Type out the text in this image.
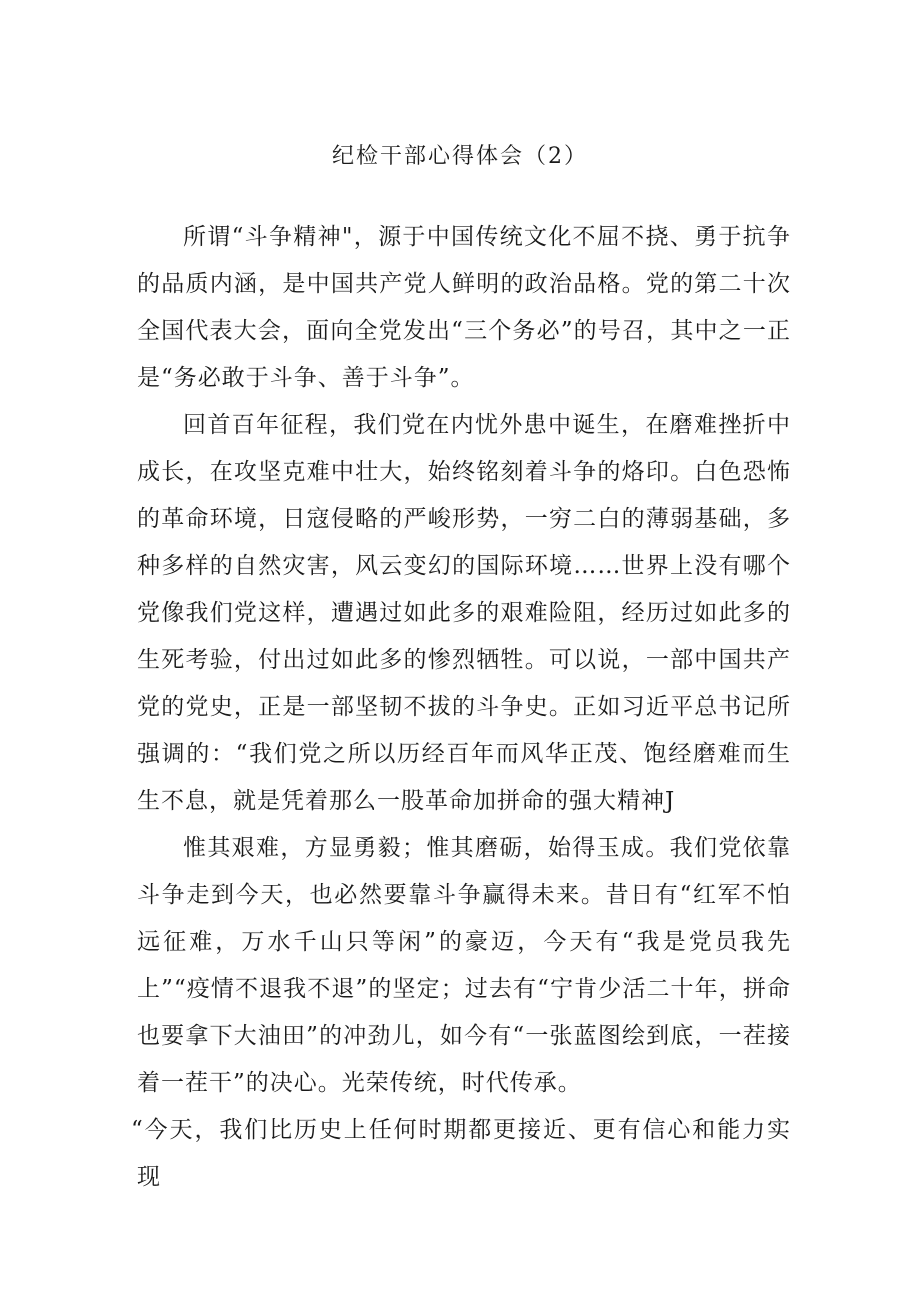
纪检干部心得体会（2）

所谓“斗争精神"，源于中国传统文化不屈不挠、勇于抗争的品质内涵，是中国共产党人鲜明的政治品格。党的第二十次全国代表大会，面向全党发出“三个务必”的号召，其中之一正是“务必敢于斗争、善于斗争”。

回首百年征程，我们党在内忧外患中诞生，在磨难挫折中成长，在攻坚克难中壮大，始终铭刻着斗争的烙印。白色恐怖的革命环境，日寇侵略的严峻形势，一穷二白的薄弱基础，多种多样的自然灾害，风云变幻的国际环境……世界上没有哪个党像我们党这样，遭遇过如此多的艰难险阻，经历过如此多的生死考验，付出过如此多的惨烈牺牲。可以说，一部中国共产党的党史，正是一部坚韧不拔的斗争史。正如习近平总书记所强调的：“我们党之所以历经百年而风华正茂、饱经磨难而生生不息，就是凭着那么一股革命加拼命的强大精神J

惟其艰难，方显勇毅；惟其磨砺，始得玉成。我们党依靠斗争走到今天，也必然要靠斗争赢得未来。昔日有“红军不怕远征难，万水千山只等闲”的豪迈，今天有“我是党员我先上”“疫情不退我不退”的坚定；过去有“宁肯少活二十年，拼命也要拿下大油田”的冲劲儿，如今有“一张蓝图绘到底，一茬接着一茬干”的决心。光荣传统，时代传承。

“今天，我们比历史上任何时期都更接近、更有信心和能力实现
